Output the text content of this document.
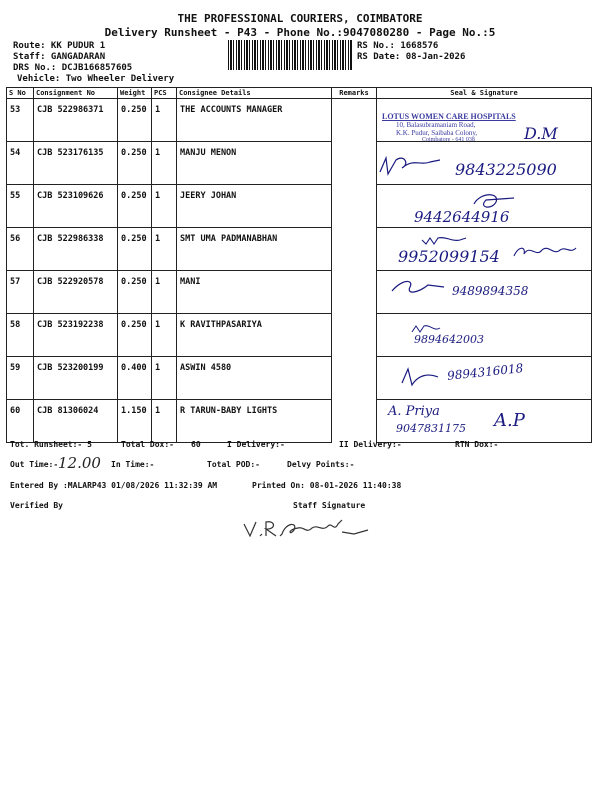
THE PROFESSIONAL COURIERS, COIMBATORE
Delivery Runsheet - P43 - Phone No.:9047080280 - Page No.:5
Route: KK PUDUR 1
Staff: GANGADARAN
DRS No.: DCJB166857605
Vehicle: Two Wheeler Delivery
RS No.: 1668576
RS Date: 08-Jan-2026
S No	Consignment No	Weight	PCS	Consignee Details	Remarks	Seal & Signature
53	CJB 522986371	0.250	1	THE ACCOUNTS MANAGER		
54	CJB 523176135	0.250	1	MANJU MENON		
55	CJB 523109626	0.250	1	JEERY JOHAN		
56	CJB 522986338	0.250	1	SMT UMA PADMANABHAN		
57	CJB 522920578	0.250	1	MANI		
58	CJB 523192238	0.250	1	K RAVITHPASARIYA		
59	CJB 523200199	0.400	1	ASWIN 4580		
60	CJB 81306024	1.150	1	R TARUN-BABY LIGHTS		
LOTUS WOMEN CARE HOSPITALS
10, Balasubramaniam Road,
K.K. Pudur, Saibaba Colony,
Coimbatore - 641 038	D.M
9843225090
9442644916
9952099154
9489894358
9894642003
9894316018
A. Priya
9047831175 A.P
Tot. Runsheet:- 5	Total Dox:- 60	I Delivery:-	II Delivery:-	RTN Dox:-
Out Time:- 12.00 In Time:-	Total POD:-	Delvy Points:-
Entered By :MALARP43 01/08/2026 11:32:39 AM	Printed On: 08-01-2026 11:40:38
Verified By	Staff Signature
